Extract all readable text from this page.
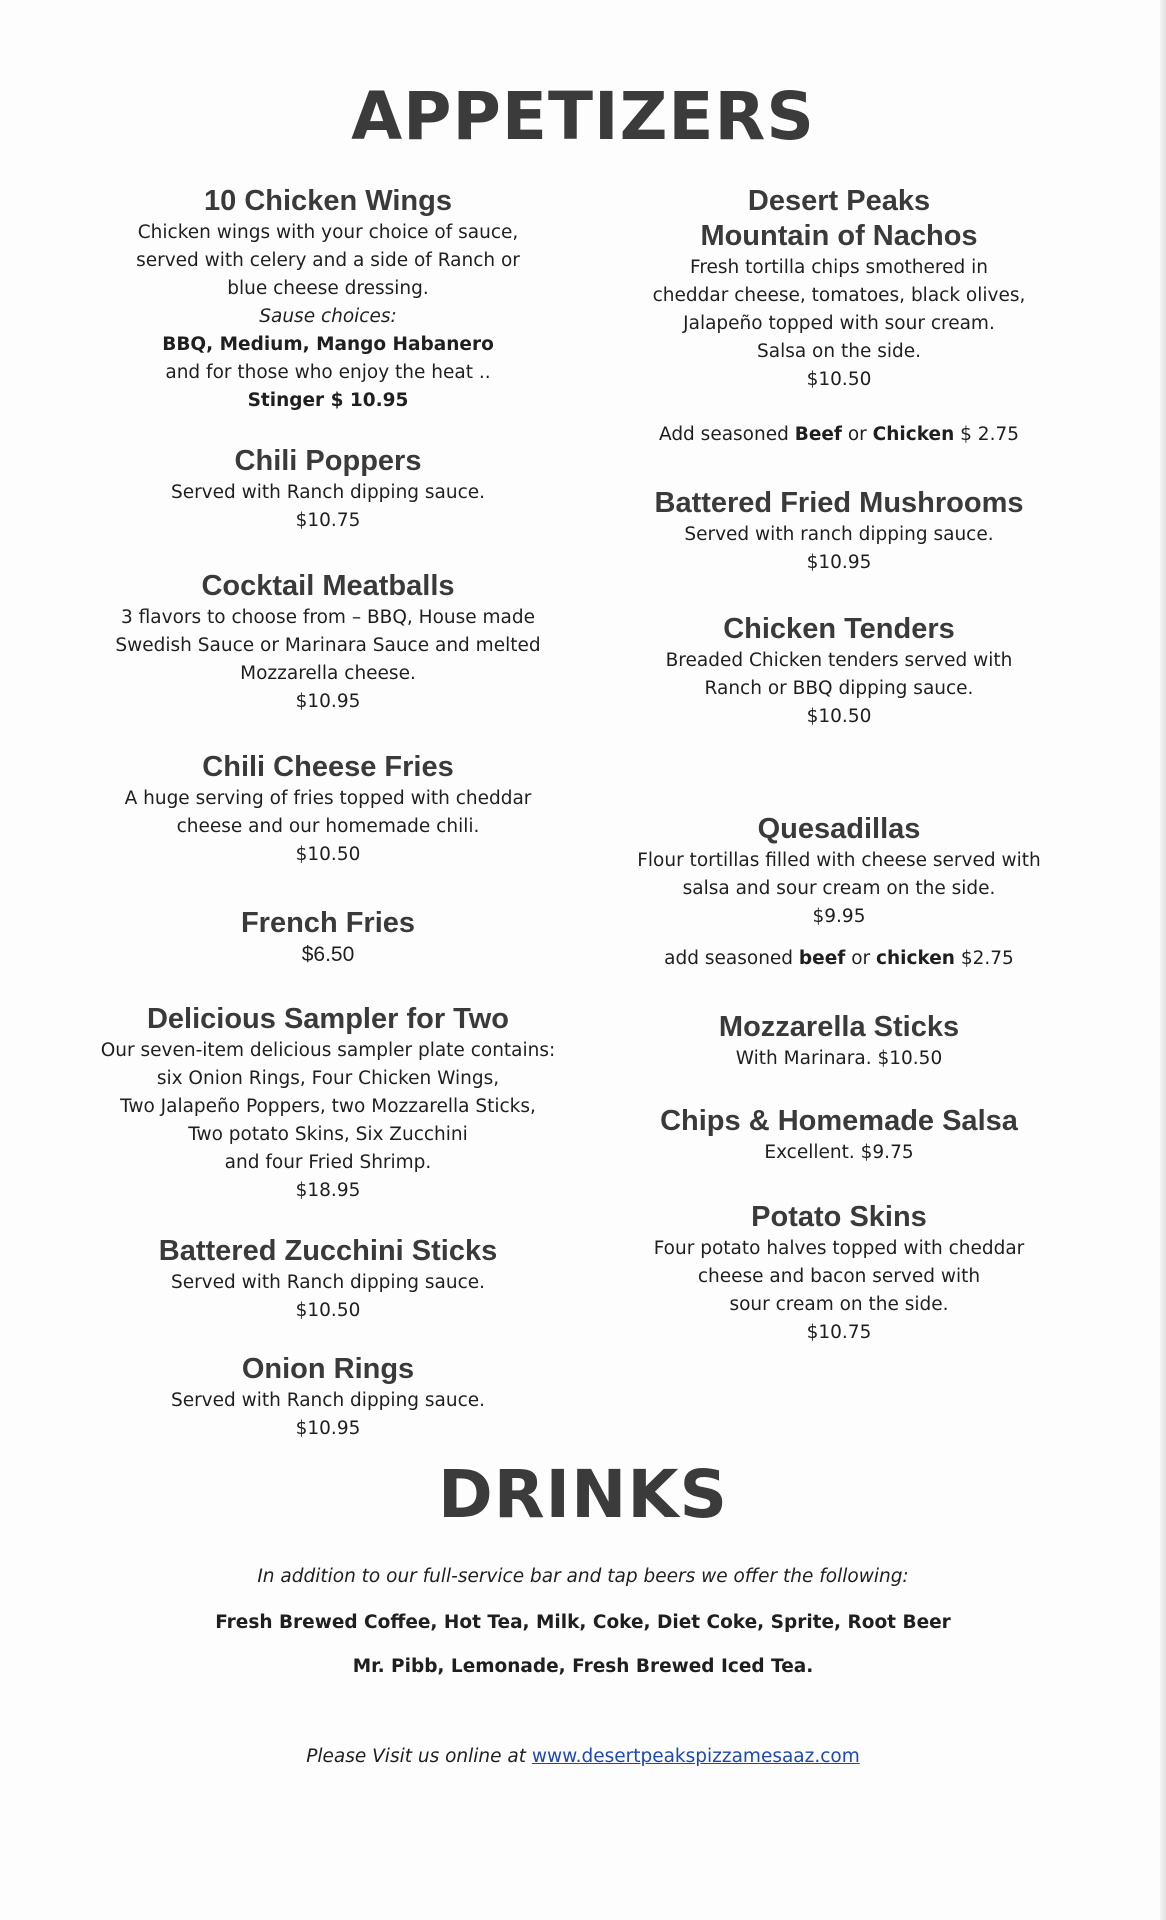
APPETIZERS
10 Chicken Wings
Chicken wings with your choice of sauce,
served with celery and a side of Ranch or
blue cheese dressing.
Sause choices:
BBQ, Medium, Mango Habanero
and for those who enjoy the heat ..
Stinger $ 10.95
Chili Poppers
Served with Ranch dipping sauce.
$10.75
Cocktail Meatballs
3 flavors to choose from – BBQ, House made
Swedish Sauce or Marinara Sauce and melted
Mozzarella cheese.
$10.95
Chili Cheese Fries
A huge serving of fries topped with cheddar
cheese and our homemade chili.
$10.50
French Fries
$6.50
Delicious Sampler for Two
Our seven-item delicious sampler plate contains:
six Onion Rings, Four Chicken Wings,
Two Jalapeño Poppers, two Mozzarella Sticks,
Two potato Skins, Six Zucchini
and four Fried Shrimp.
$18.95
Battered Zucchini Sticks
Served with Ranch dipping sauce.
$10.50
Onion Rings
Served with Ranch dipping sauce.
$10.95
Add seasoned Beef or Chicken $ 2.75
add seasoned beef or chicken $2.75
Desert Peaks
Mountain of Nachos
Fresh tortilla chips smothered in
cheddar cheese, tomatoes, black olives,
Jalapeño topped with sour cream.
Salsa on the side.
$10.50
Battered Fried Mushrooms
Served with ranch dipping sauce.
$10.95
Chicken Tenders
Breaded Chicken tenders served with
Ranch or BBQ dipping sauce.
$10.50
Quesadillas
Flour tortillas filled with cheese served with
salsa and sour cream on the side.
$9.95
Mozzarella Sticks
With Marinara. $10.50
Chips & Homemade Salsa
Excellent. $9.75
Potato Skins
Four potato halves topped with cheddar
cheese and bacon served with
sour cream on the side.
$10.75
DRINKS
In addition to our full-service bar and tap beers we offer the following:
Fresh Brewed Coffee, Hot Tea, Milk, Coke, Diet Coke, Sprite, Root Beer
Mr. Pibb, Lemonade, Fresh Brewed Iced Tea.
Please Visit us online at www.desertpeakspizzamesaaz.com
